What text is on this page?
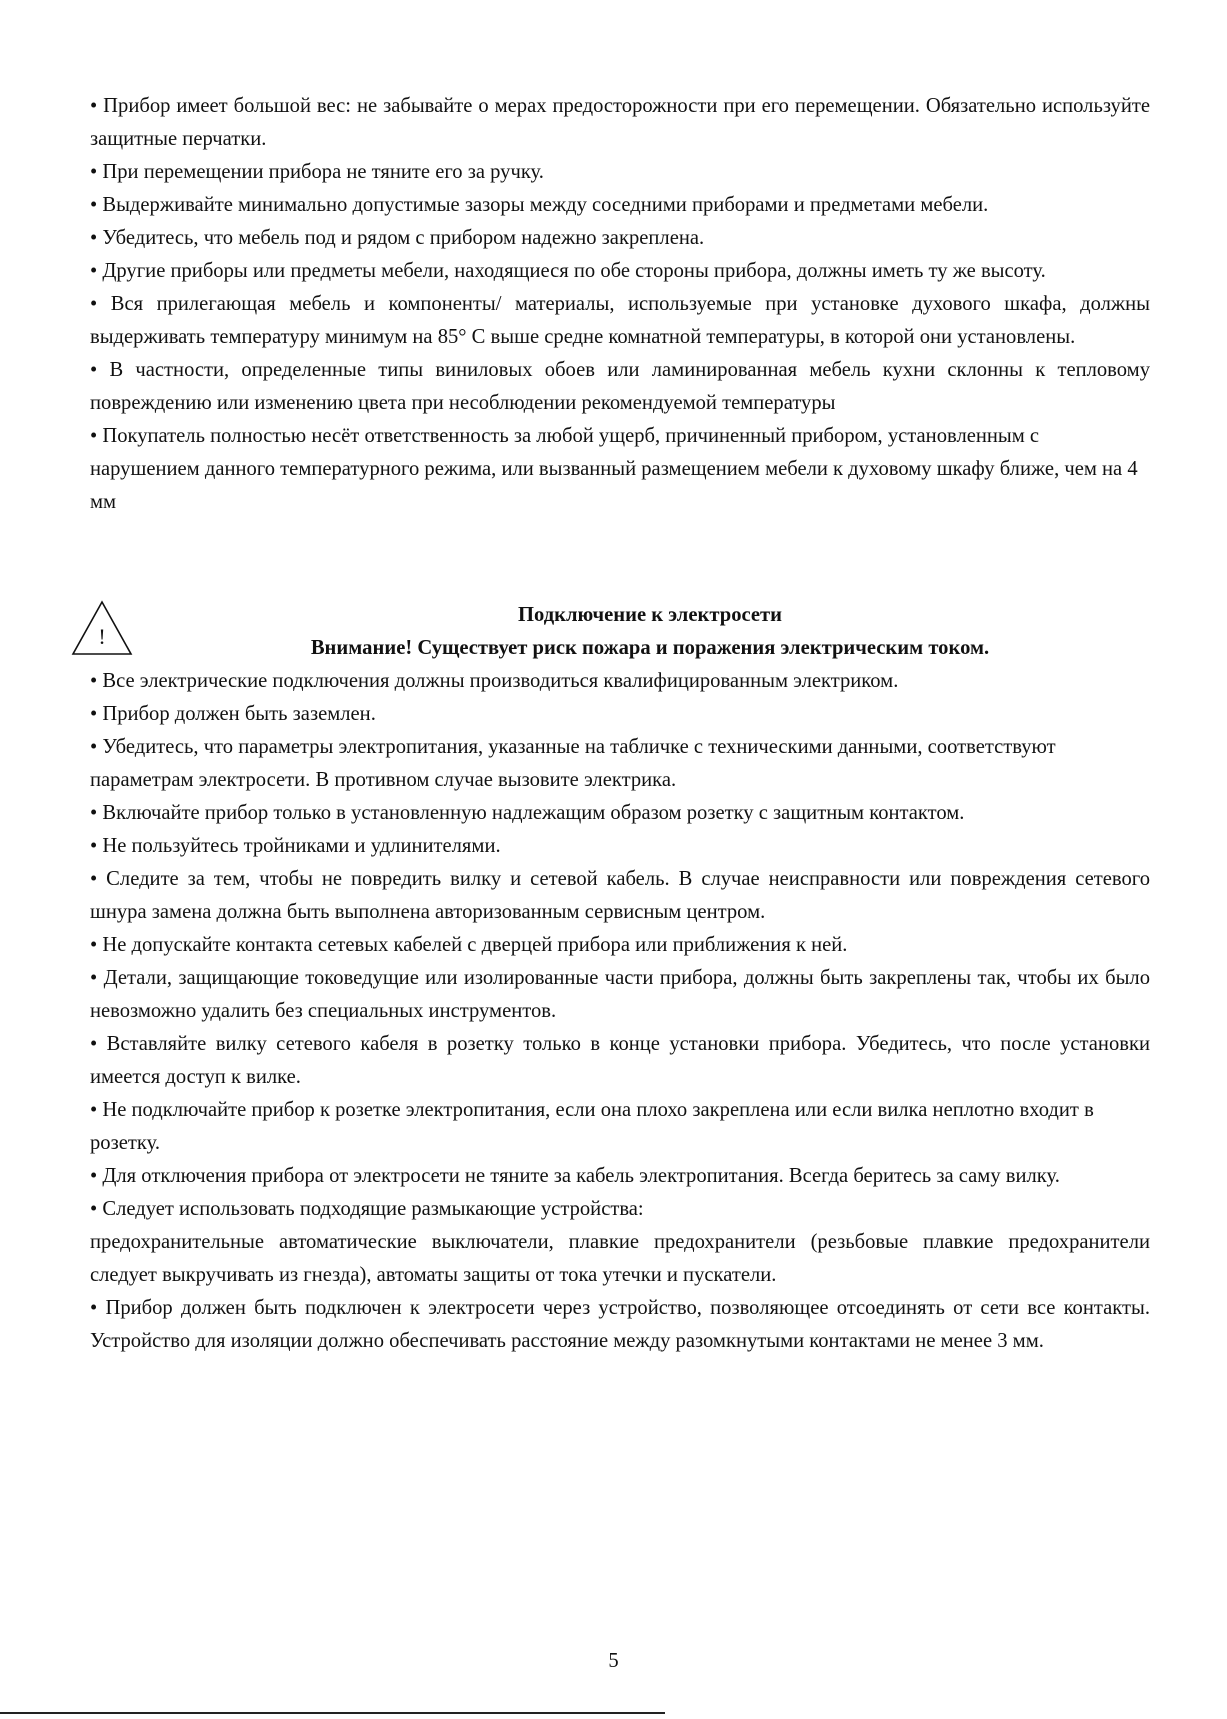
• Прибор имеет большой вес: не забывайте о мерах предосторожности при его перемещении. Обязательно используйте защитные перчатки.

• При перемещении прибора не тяните его за ручку.

• Выдерживайте минимально допустимые зазоры между соседними приборами и предметами мебели.

• Убедитесь, что мебель под и рядом с прибором надежно закреплена.

• Другие приборы или предметы мебели, находящиеся по обе стороны прибора, должны иметь ту же высоту.

• Вся прилегающая мебель и компоненты/ материалы, используемые при установке духового шкафа, должны выдерживать температуру минимум на 85° С выше средне комнатной температуры, в которой они установлены.

• В частности, определенные типы виниловых обоев или ламинированная мебель кухни склонны к тепловому повреждению или изменению цвета при несоблюдении рекомендуемой температуры

• Покупатель полностью несёт ответственность за любой ущерб, причиненный прибором, установленным с нарушением данного температурного режима, или вызванный размещением мебели к духовому шкафу ближе, чем на 4 мм

!
Подключение к электросети
Внимание! Существует риск пожара и поражения электрическим током.

• Все электрические подключения должны производиться квалифицированным электриком.

• Прибор должен быть заземлен.

• Убедитесь, что параметры электропитания, указанные на табличке с техническими данными, соответствуют параметрам электросети. В противном случае вызовите электрика.

• Включайте прибор только в установленную надлежащим образом розетку с защитным контактом.

• Не пользуйтесь тройниками и удлинителями.

• Следите за тем, чтобы не повредить вилку и сетевой кабель. В случае неисправности или повреждения сетевого шнура замена должна быть выполнена авторизованным сервисным центром.

• Не допускайте контакта сетевых кабелей с дверцей прибора или приближения к ней.

• Детали, защищающие токоведущие или изолированные части прибора, должны быть закреплены так, чтобы их было невозможно удалить без специальных инструментов.

• Вставляйте вилку сетевого кабеля в розетку только в конце установки прибора. Убедитесь, что после установки имеется доступ к вилке.

• Не подключайте прибор к розетке электропитания, если она плохо закреплена или если вилка неплотно входит в розетку.

• Для отключения прибора от электросети не тяните за кабель электропитания. Всегда беритесь за саму вилку.

• Следует использовать подходящие размыкающие устройства:

предохранительные автоматические выключатели, плавкие предохранители (резьбовые плавкие предохранители следует выкручивать из гнезда), автоматы защиты от тока утечки и пускатели.

• Прибор должен быть подключен к электросети через устройство, позволяющее отсоединять от сети все контакты. Устройство для изоляции должно обеспечивать расстояние между разомкнутыми контактами не менее 3 мм.

5
